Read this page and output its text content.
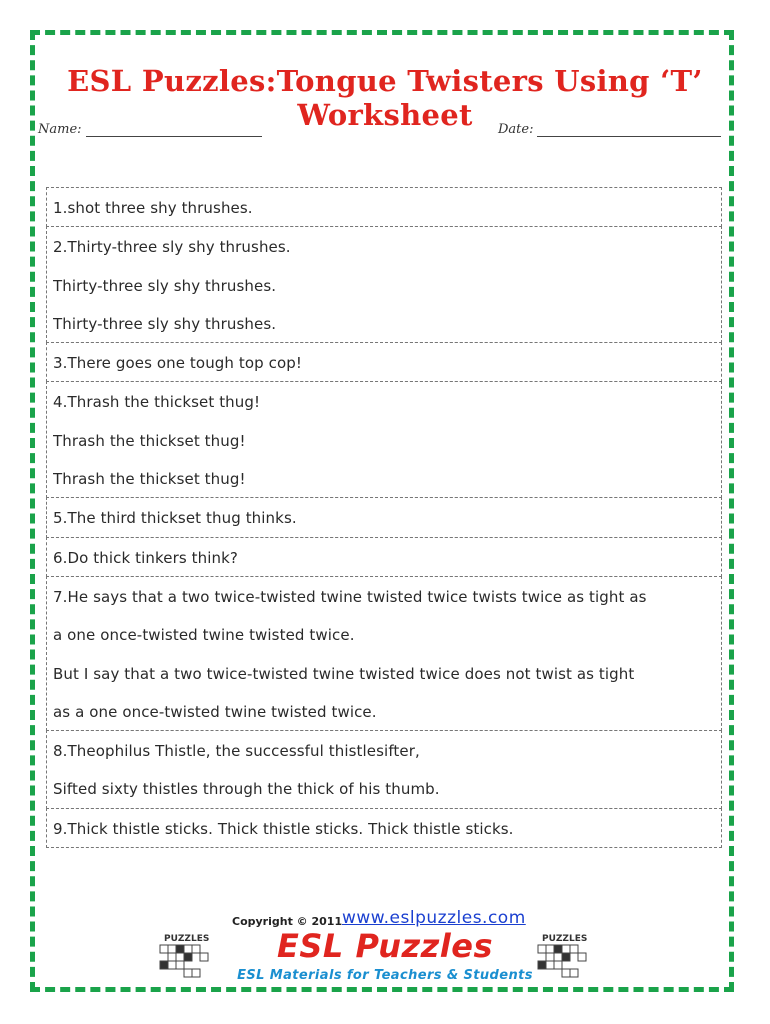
ESL Puzzles:Tongue Twisters Using ‘T’ Worksheet
Name:	Date:
1.shot three shy thrushes.
2.Thirty-three sly shy thrushes.
Thirty-three sly shy thrushes.
Thirty-three sly shy thrushes.
3.There goes one tough top cop!
4.Thrash the thickset thug!
Thrash the thickset thug!
Thrash the thickset thug!
5.The third thickset thug thinks.
6.Do thick tinkers think?
7.He says that a two twice-twisted twine twisted twice twists twice as tight as
a one once-twisted twine twisted twice.
But I say that a two twice-twisted twine twisted twice does not twist as tight
as a one once-twisted twine twisted twice.
8.Theophilus Thistle, the successful thistlesifter,
Sifted sixty thistles through the thick of his thumb.
9.Thick thistle sticks. Thick thistle sticks. Thick thistle sticks.
Copyright © 2011 www.eslpuzzles.com
PUZZLES	PUZZLES
ESL Puzzles
ESL Materials for Teachers & Students
